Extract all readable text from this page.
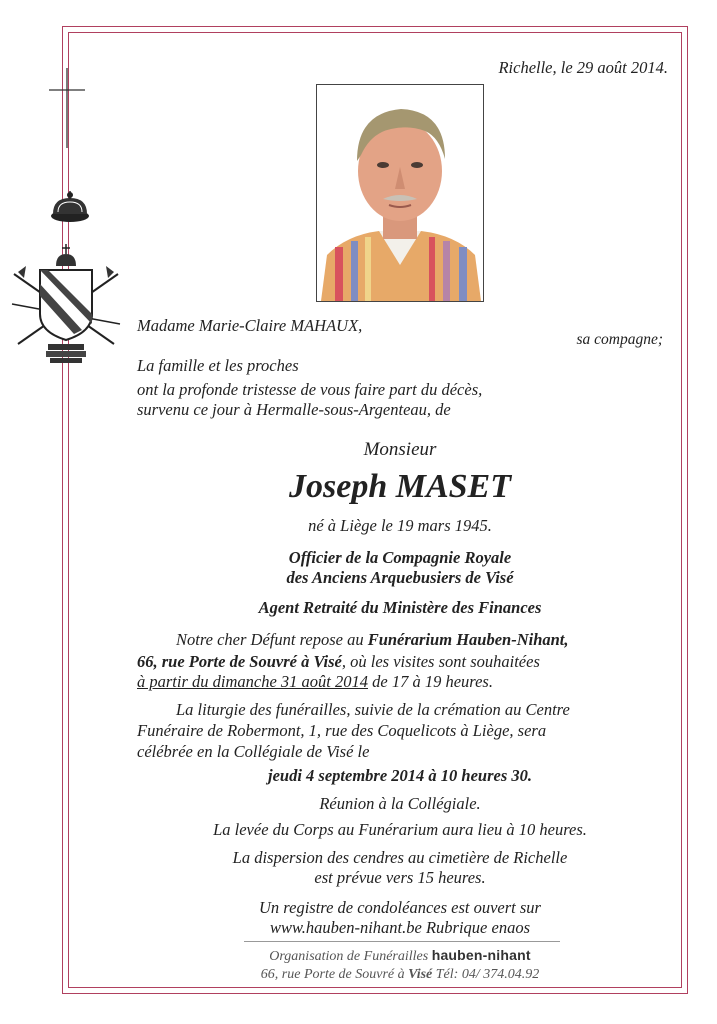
Richelle, le 29 août 2014.
Madame Marie-Claire MAHAUX,
sa compagne;
La famille et les proches
ont la profonde tristesse de vous faire part du décès,
survenu ce jour à Hermalle-sous-Argenteau, de
Monsieur
Joseph MASET
né à Liège le 19 mars 1945.
Officier de la Compagnie Royale
des Anciens Arquebusiers de Visé
Agent Retraité du Ministère des Finances
Notre cher Défunt repose au Funérarium Hauben-Nihant,
66, rue Porte de Souvré à Visé, où les visites sont souhaitées
à partir du dimanche 31 août 2014 de 17 à 19 heures.
La liturgie des funérailles, suivie de la crémation au Centre
Funéraire de Robermont, 1, rue des Coquelicots à Liège, sera
célébrée en la Collégiale de Visé le
jeudi 4 septembre 2014 à 10 heures 30.
Réunion à la Collégiale.
La levée du Corps au Funérarium aura lieu à 10 heures.
La dispersion des cendres au cimetière de Richelle
est prévue vers 15 heures.
Un registre de condoléances est ouvert sur
www.hauben-nihant.be Rubrique enaos
Organisation de Funérailles hauben-nihant
66, rue Porte de Souvré à Visé Tél: 04/ 374.04.92
